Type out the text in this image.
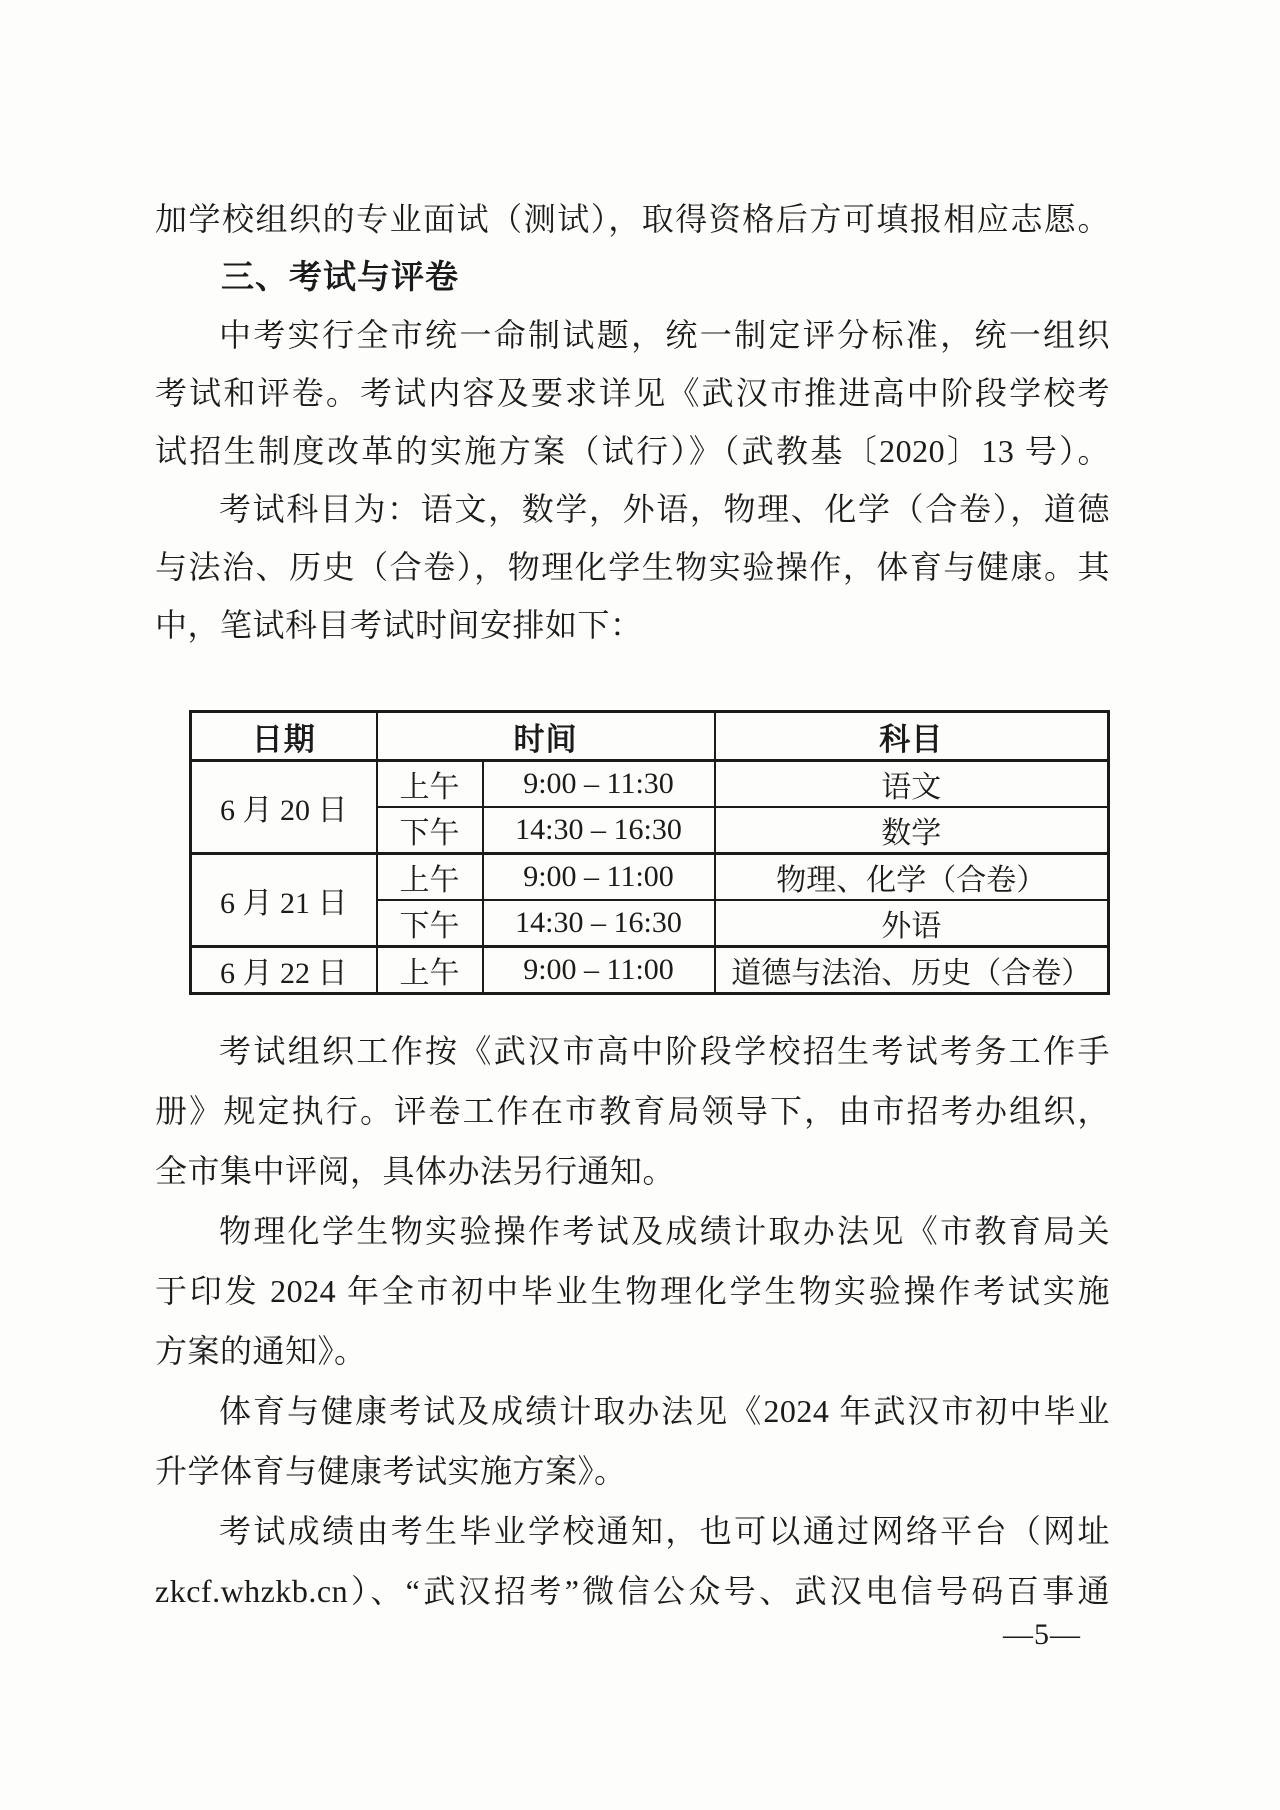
加学校组织的专业面试（测试），取得资格后方可填报相应志愿。
三、考试与评卷
中考实行全市统一命制试题，统一制定评分标准，统一组织
考试和评卷。考试内容及要求详见《武汉市推进高中阶段学校考
试招生制度改革的实施方案（试行）》（武教基〔2020〕13 号）。
考试科目为：语文，数学，外语，物理、化学（合卷），道德
与法治、历史（合卷），物理化学生物实验操作，体育与健康。其
中，笔试科目考试时间安排如下：
日期	时间		科目
6 月 20 日	上午	9:00 – 11:30	语文
	下午	14:30 – 16:30	数学
6 月 21 日	上午	9:00 – 11:00	物理、化学（合卷）
	下午	14:30 – 16:30	外语
6 月 22 日	上午	9:00 – 11:00	道德与法治、历史（合卷）
考试组织工作按《武汉市高中阶段学校招生考试考务工作手
册》规定执行。评卷工作在市教育局领导下，由市招考办组织，
全市集中评阅，具体办法另行通知。
物理化学生物实验操作考试及成绩计取办法见《市教育局关
于印发 2024 年全市初中毕业生物理化学生物实验操作考试实施
方案的通知》。
体育与健康考试及成绩计取办法见《2024 年武汉市初中毕业
升学体育与健康考试实施方案》。
考试成绩由考生毕业学校通知，也可以通过网络平台（网址
zkcf.whzkb.cn）、“武汉招考”微信公众号、武汉电信号码百事通
—5—
